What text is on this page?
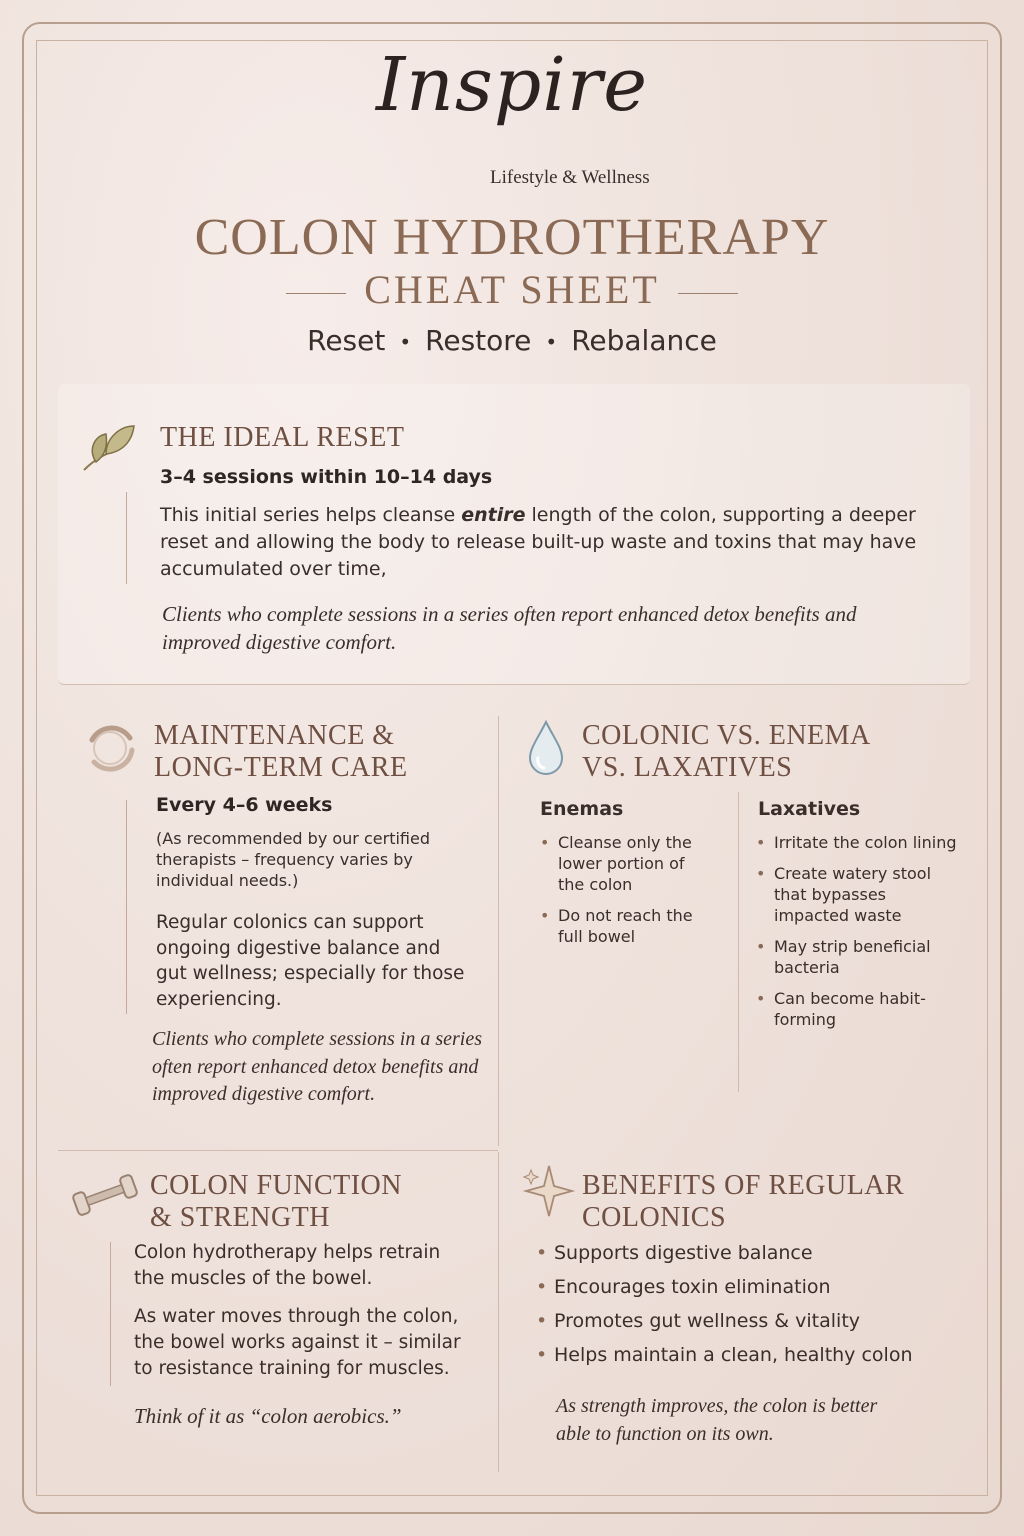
Inspire
Lifestyle & Wellness
COLON HYDROTHERAPY
CHEAT SHEET
Reset • Restore • Rebalance
THE IDEAL RESET
3–4 sessions within 10–14 days
This initial series helps cleanse entire length of the colon, supporting a deeper reset and allowing the body to release built-up waste and toxins that may have accumulated over time,
Clients who complete sessions in a series often report enhanced detox benefits and improved digestive comfort.
MAINTENANCE &
LONG-TERM CARE
Every 4–6 weeks
(As recommended by our certified therapists – frequency varies by individual needs.)
Regular colonics can support ongoing digestive balance and gut wellness; especially for those experiencing.
Clients who complete sessions in a series often report enhanced detox benefits and improved digestive comfort.
COLONIC VS. ENEMA
VS. LAXATIVES
Enemas
• Cleanse only the lower portion of the colon
• Do not reach the full bowel
Laxatives
• Irritate the colon lining
• Create watery stool that bypasses impacted waste
• May strip beneficial bacteria
• Can become habit-forming
COLON FUNCTION
& STRENGTH
Colon hydrotherapy helps retrain the muscles of the bowel.
As water moves through the colon, the bowel works against it – similar to resistance training for muscles.
Think of it as “colon aerobics.”
BENEFITS OF REGULAR
COLONICS
• Supports digestive balance
• Encourages toxin elimination
• Promotes gut wellness & vitality
• Helps maintain a clean, healthy colon
As strength improves, the colon is better able to function on its own.
